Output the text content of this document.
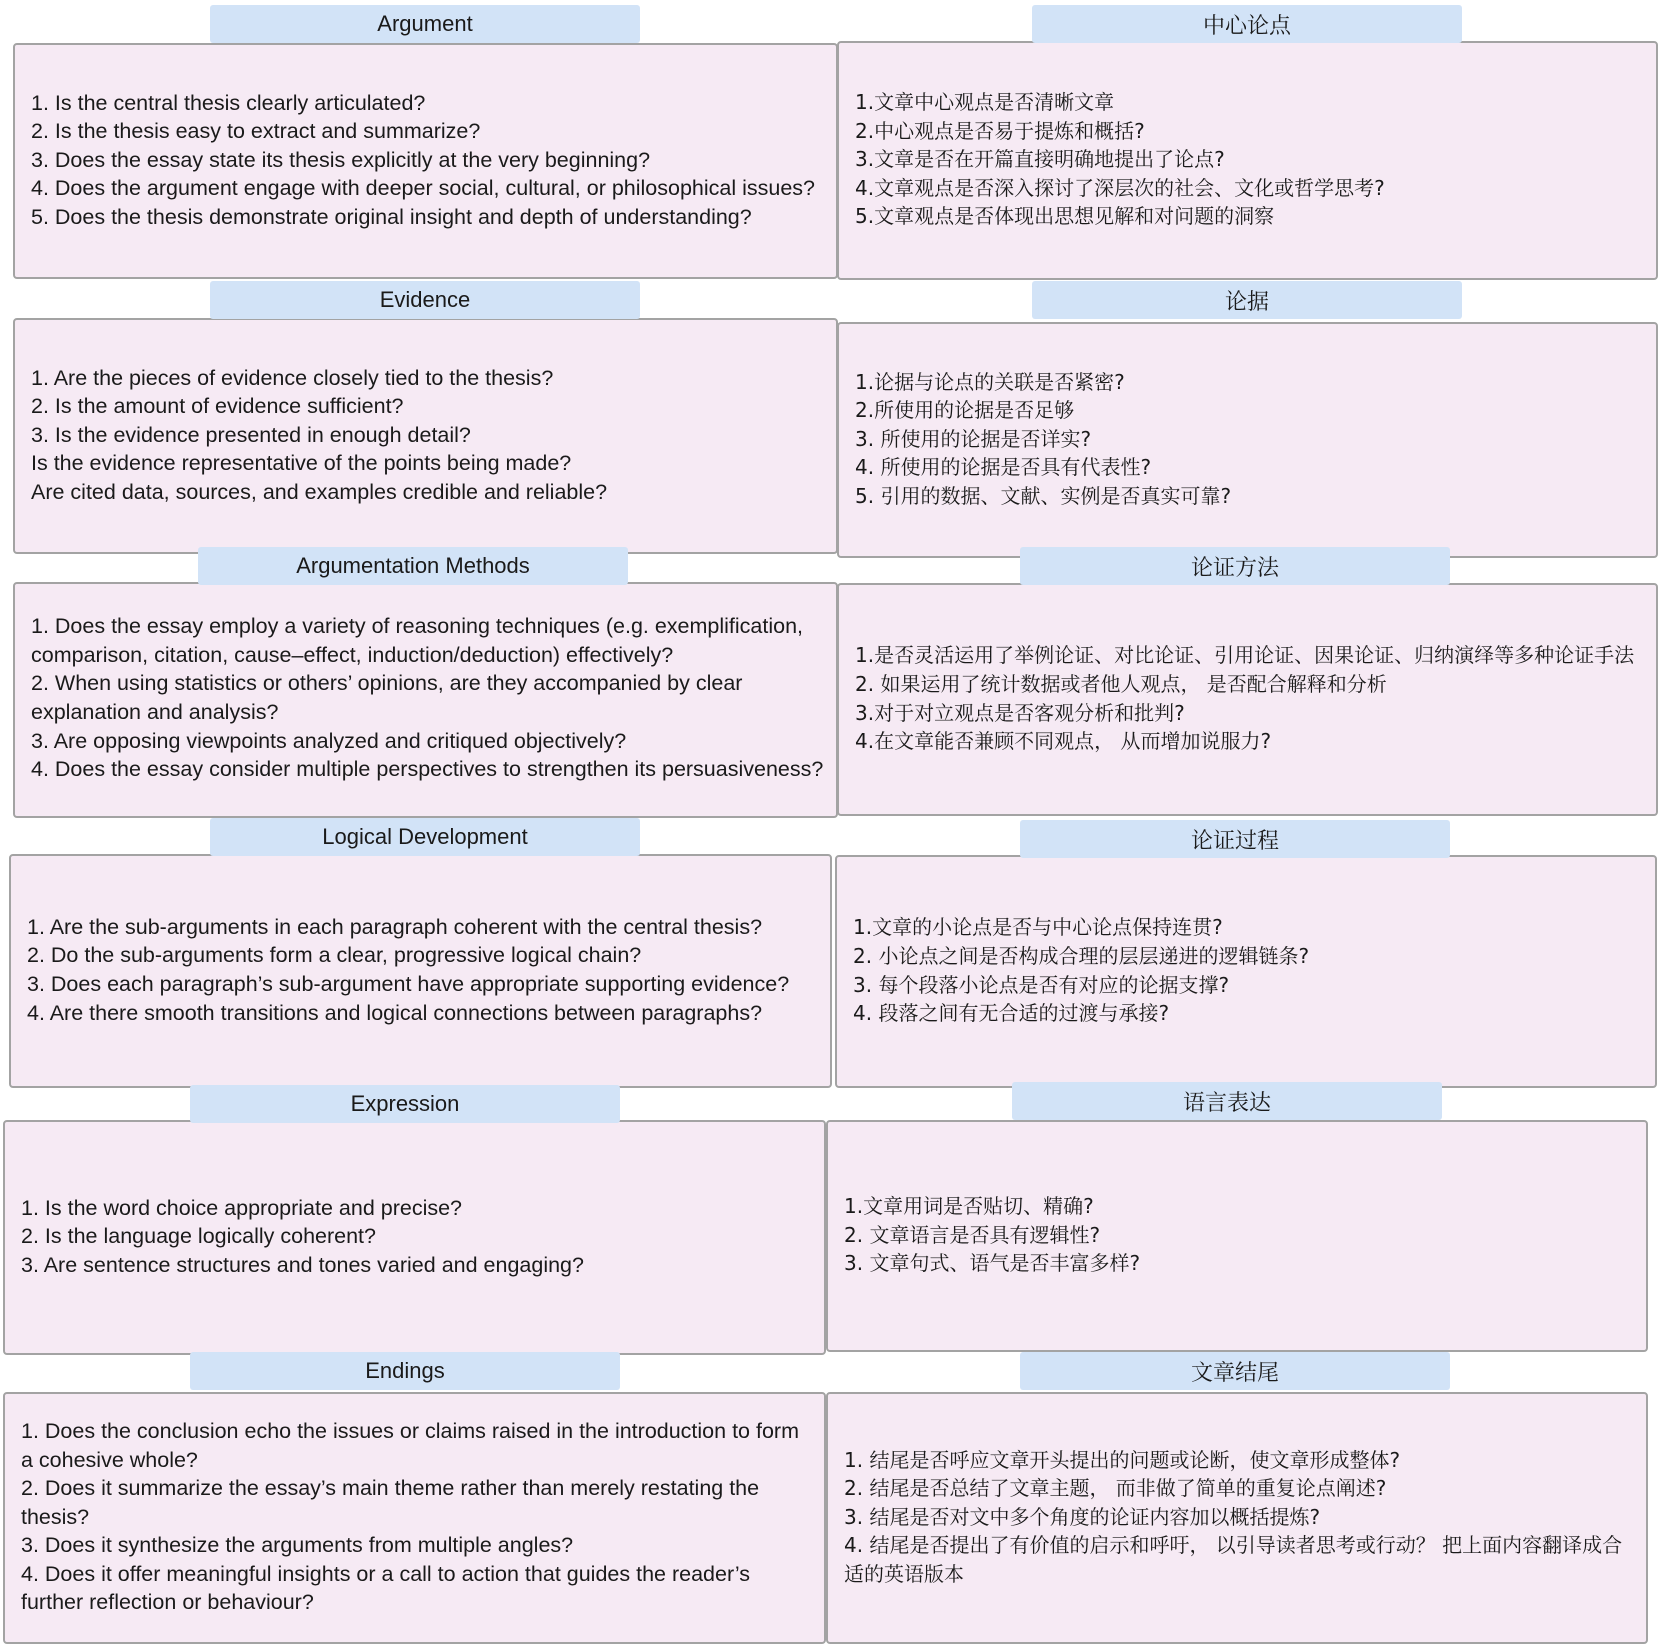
Argument

1. Is the central thesis clearly articulated?

2. Is the thesis easy to extract and summarize?

3. Does the essay state its thesis explicitly at the very beginning?

4. Does the argument engage with deeper social, cultural, or philosophical issues?

5. Does the thesis demonstrate original insight and depth of understanding?

中心论点

1.文章中心观点是否清晰文章

2.中心观点是否易于提炼和概括?

3.文章是否在开篇直接明确地提出了论点?

4.文章观点是否深入探讨了深层次的社会、文化或哲学思考?

5.文章观点是否体现出思想见解和对问题的洞察

Evidence

1. Are the pieces of evidence closely tied to the thesis?

2. Is the amount of evidence sufficient?

3. Is the evidence presented in enough detail?

Is the evidence representative of the points being made?

Are cited data, sources, and examples credible and reliable?

论据

1.论据与论点的关联是否紧密?

2.所使用的论据是否足够

3. 所使用的论据是否详实?

4. 所使用的论据是否具有代表性?

5. 引用的数据、文献、实例是否真实可靠?

Argumentation Methods

1. Does the essay employ a variety of reasoning techniques (e.g. exemplification, comparison, citation, cause–effect, induction/deduction) effectively?

2. When using statistics or others’ opinions, are they accompanied by clear explanation and analysis?

3. Are opposing viewpoints analyzed and critiqued objectively?

4. Does the essay consider multiple perspectives to strengthen its persuasiveness?

论证方法

1.是否灵活运用了举例论证、对比论证、引用论证、因果论证、归纳演绎等多种论证手法

2. 如果运用了统计数据或者他人观点， 是否配合解释和分析

3.对于对立观点是否客观分析和批判?

4.在文章能否兼顾不同观点， 从而增加说服力?

Logical Development

1. Are the sub-arguments in each paragraph coherent with the central thesis?

2. Do the sub-arguments form a clear, progressive logical chain?

3. Does each paragraph’s sub-argument have appropriate supporting evidence?

4. Are there smooth transitions and logical connections between paragraphs?

论证过程

1.文章的小论点是否与中心论点保持连贯?

2. 小论点之间是否构成合理的层层递进的逻辑链条?

3. 每个段落小论点是否有对应的论据支撑?

4. 段落之间有无合适的过渡与承接?

Expression

1. Is the word choice appropriate and precise?

2. Is the language logically coherent?

3. Are sentence structures and tones varied and engaging?

语言表达

1.文章用词是否贴切、精确?

2. 文章语言是否具有逻辑性?

3. 文章句式、语气是否丰富多样?

Endings

1. Does the conclusion echo the issues or claims raised in the introduction to form a cohesive whole?

2. Does it summarize the essay’s main theme rather than merely restating the thesis?

3. Does it synthesize the arguments from multiple angles?

4. Does it offer meaningful insights or a call to action that guides the reader’s further reflection or behaviour?

文章结尾

1. 结尾是否呼应文章开头提出的问题或论断，使文章形成整体?

2. 结尾是否总结了文章主题， 而非做了简单的重复论点阐述?

3. 结尾是否对文中多个角度的论证内容加以概括提炼?

4. 结尾是否提出了有价值的启示和呼吁， 以引导读者思考或行动？ 把上面内容翻译成合适的英语版本
